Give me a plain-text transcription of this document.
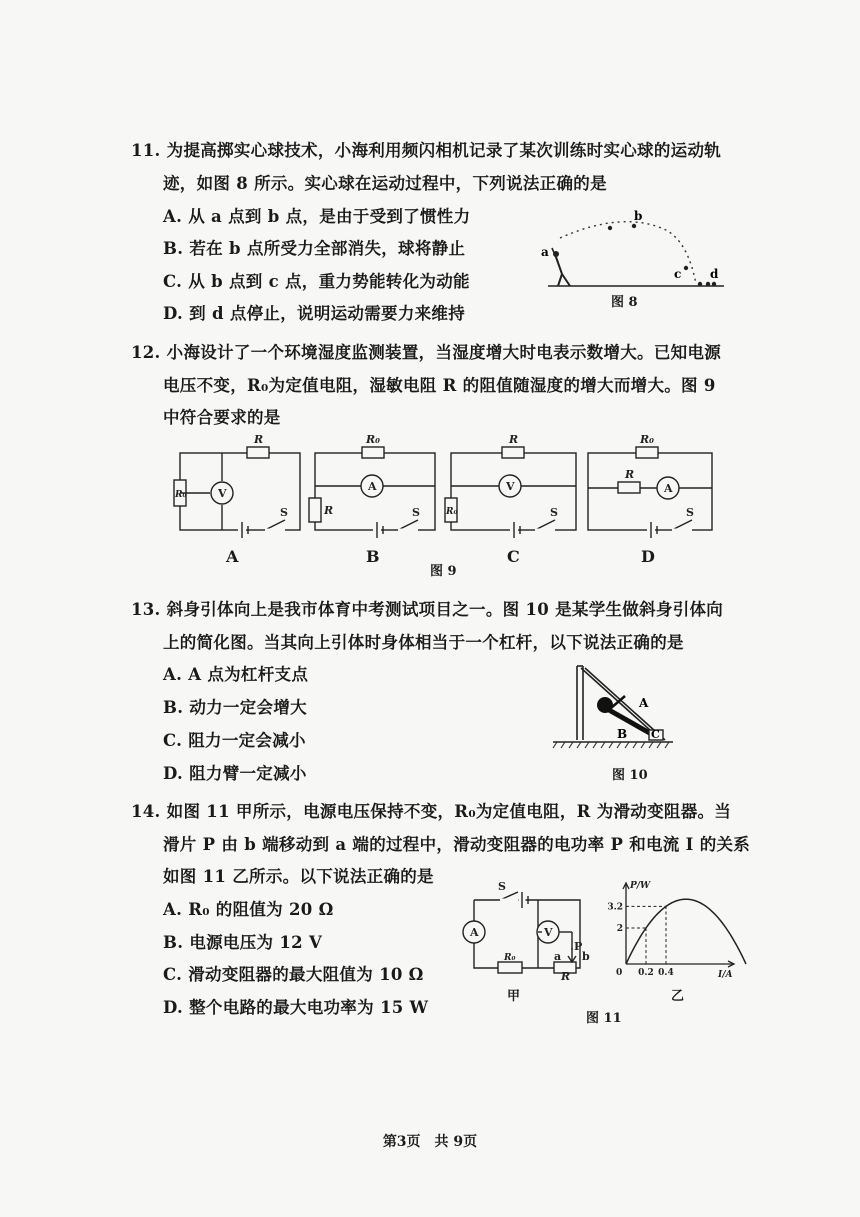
11. 为提高掷实心球技术，小海利用频闪相机记录了某次训练时实心球的运动轨
迹，如图 8 所示。实心球在运动过程中，下列说法正确的是
A. 从 a 点到 b 点，是由于受到了惯性力
B. 若在 b 点所受力全部消失，球将静止
C. 从 b 点到 c 点，重力势能转化为动能
D. 到 d 点停止，说明运动需要力来维持
a
b
c d
图 8
12. 小海设计了一个环境湿度监测装置，当湿度增大时电表示数增大。已知电源
电压不变，R₀为定值电阻，湿敏电阻 R 的阻值随湿度的增大而增大。图 9
中符合要求的是
R
R₀	V
S
R₀
A
R	S
R
V
R₀	S
R₀
R
A
S
A	B	C	D
图 9
13. 斜身引体向上是我市体育中考测试项目之一。图 10 是某学生做斜身引体向
上的简化图。当其向上引体时身体相当于一个杠杆，以下说法正确的是
A. A 点为杠杆支点
B. 动力一定会增大
C. 阻力一定会减小
D. 阻力臂一定减小
A
B C
图 10
14. 如图 11 甲所示，电源电压保持不变，R₀为定值电阻，R 为滑动变阻器。当
滑片 P 由 b 端移动到 a 端的过程中，滑动变阻器的电功率 P 和电流 I 的关系
如图 11 乙所示。以下说法正确的是
A. R₀ 的阻值为 20 Ω
B. 电源电压为 12 V
C. 滑动变阻器的最大阻值为 10 Ω
D. 整个电路的最大电功率为 15 W
S
A	V
R₀
P
a b
R
甲
P/W
I/A
0 0.2 0.4
3.2
2
乙
图 11
第3页　共 9页
